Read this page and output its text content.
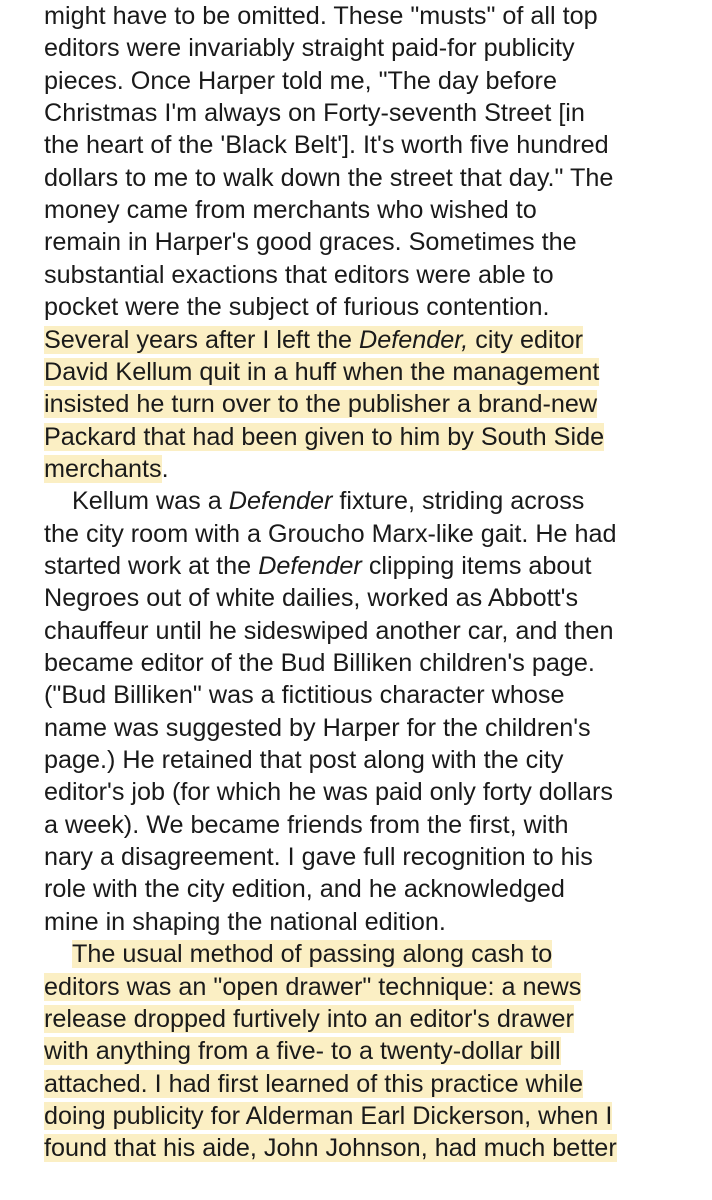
might have to be omitted. These "musts" of all top
editors were invariably straight paid-for publicity
pieces. Once Harper told me, "The day before
Christmas I'm always on Forty-seventh Street [in
the heart of the 'Black Belt']. It's worth five hundred
dollars to me to walk down the street that day." The
money came from merchants who wished to
remain in Harper's good graces. Sometimes the
substantial exactions that editors were able to
pocket were the subject of furious contention.
Several years after I left the Defender, city editor
David Kellum quit in a huff when the management
insisted he turn over to the publisher a brand-new
Packard that had been given to him by South Side
merchants.
Kellum was a Defender fixture, striding across
the city room with a Groucho Marx-like gait. He had
started work at the Defender clipping items about
Negroes out of white dailies, worked as Abbott's
chauffeur until he sideswiped another car, and then
became editor of the Bud Billiken children's page.
("Bud Billiken" was a fictitious character whose
name was suggested by Harper for the children's
page.) He retained that post along with the city
editor's job (for which he was paid only forty dollars
a week). We became friends from the first, with
nary a disagreement. I gave full recognition to his
role with the city edition, and he acknowledged
mine in shaping the national edition.
The usual method of passing along cash to
editors was an "open drawer" technique: a news
release dropped furtively into an editor's drawer
with anything from a five- to a twenty-dollar bill
attached. I had first learned of this practice while
doing publicity for Alderman Earl Dickerson, when I
found that his aide, John Johnson, had much better
